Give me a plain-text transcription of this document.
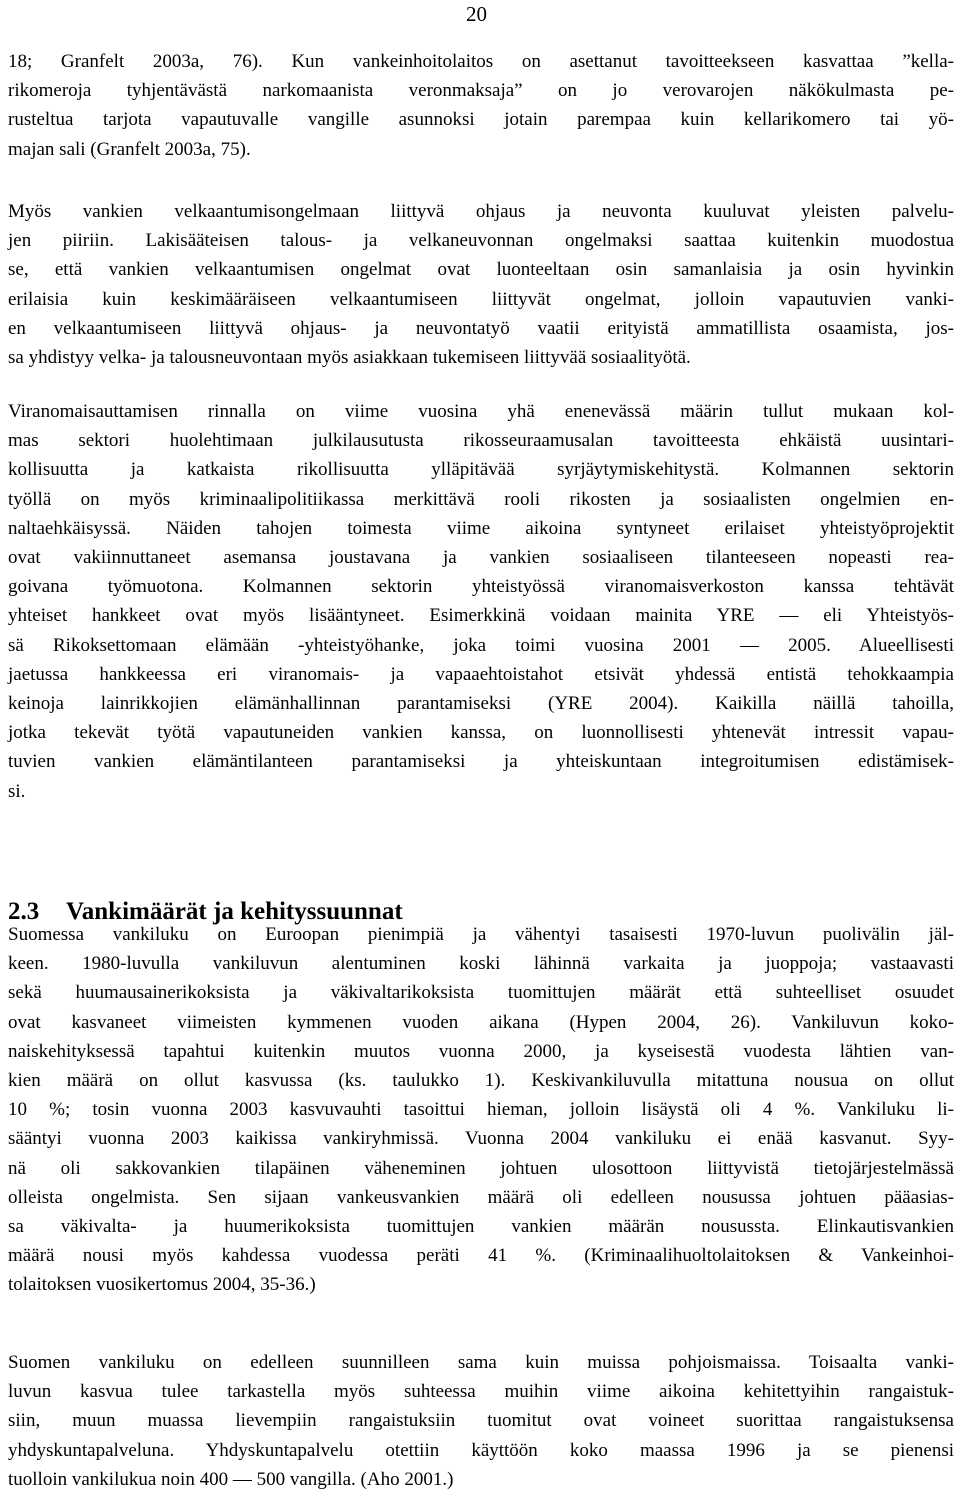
20

18; Granfelt 2003a, 76). Kun vankeinhoitolaitos on asettanut tavoitteekseen kasvattaa ”kella-
rikomeroja tyhjentävästä narkomaanista veronmaksaja” on jo verovarojen näkökulmasta pe-
rusteltua tarjota vapautuvalle vangille asunnoksi jotain parempaa kuin kellarikomero tai yö-
majan sali (Granfelt 2003a, 75).

Myös vankien velkaantumisongelmaan liittyvä ohjaus ja neuvonta kuuluvat yleisten palvelu-
jen piiriin. Lakisääteisen talous- ja velkaneuvonnan ongelmaksi saattaa kuitenkin muodostua
se, että vankien velkaantumisen ongelmat ovat luonteeltaan osin samanlaisia ja osin hyvinkin
erilaisia kuin keskimääräiseen velkaantumiseen liittyvät ongelmat, jolloin vapautuvien vanki-
en velkaantumiseen liittyvä ohjaus- ja neuvontatyö vaatii erityistä ammatillista osaamista, jos-
sa yhdistyy velka- ja talousneuvontaan myös asiakkaan tukemiseen liittyvää sosiaalityötä.

Viranomaisauttamisen rinnalla on viime vuosina yhä enenevässä määrin tullut mukaan kol-
mas sektori huolehtimaan julkilausutusta rikosseuraamusalan tavoitteesta ehkäistä uusintari-
kollisuutta ja katkaista rikollisuutta ylläpitävää syrjäytymiskehitystä. Kolmannen sektorin
työllä on myös kriminaalipolitiikassa merkittävä rooli rikosten ja sosiaalisten ongelmien en-
naltaehkäisyssä. Näiden tahojen toimesta viime aikoina syntyneet erilaiset yhteistyöprojektit
ovat vakiinnuttaneet asemansa joustavana ja vankien sosiaaliseen tilanteeseen nopeasti rea-
goivana työmuotona. Kolmannen sektorin yhteistyössä viranomaisverkoston kanssa tehtävät
yhteiset hankkeet ovat myös lisääntyneet. Esimerkkinä voidaan mainita YRE — eli Yhteistyös-
sä Rikoksettomaan elämään -yhteistyöhanke, joka toimi vuosina 2001 — 2005. Alueellisesti
jaetussa hankkeessa eri viranomais- ja vapaaehtoistahot etsivät yhdessä entistä tehokkaampia
keinoja lainrikkojien elämänhallinnan parantamiseksi (YRE 2004). Kaikilla näillä tahoilla,
jotka tekevät työtä vapautuneiden vankien kanssa, on luonnollisesti yhtenevät intressit vapau-
tuvien vankien elämäntilanteen parantamiseksi ja yhteiskuntaan integroitumisen edistämisek-
si.

2.3 Vankimäärät ja kehityssuunnat

Suomessa vankiluku on Euroopan pienimpiä ja vähentyi tasaisesti 1970-luvun puolivälin jäl-
keen. 1980-luvulla vankiluvun alentuminen koski lähinnä varkaita ja juoppoja; vastaavasti
sekä huumausainerikoksista ja väkivaltarikoksista tuomittujen määrät että suhteelliset osuudet
ovat kasvaneet viimeisten kymmenen vuoden aikana (Hypen 2004, 26). Vankiluvun koko-
naiskehityksessä tapahtui kuitenkin muutos vuonna 2000, ja kyseisestä vuodesta lähtien van-
kien määrä on ollut kasvussa (ks. taulukko 1). Keskivankiluvulla mitattuna nousua on ollut
10 %; tosin vuonna 2003 kasvuvauhti tasoittui hieman, jolloin lisäystä oli 4 %. Vankiluku li-
sääntyi vuonna 2003 kaikissa vankiryhmissä. Vuonna 2004 vankiluku ei enää kasvanut. Syy-
nä oli sakkovankien tilapäinen väheneminen johtuen ulosottoon liittyvistä tietojärjestelmässä
olleista ongelmista. Sen sijaan vankeusvankien määrä oli edelleen nousussa johtuen pääasias-
sa väkivalta- ja huumerikoksista tuomittujen vankien määrän nousussta. Elinkautisvankien
määrä nousi myös kahdessa vuodessa peräti 41 %. (Kriminaalihuoltolaitoksen & Vankeinhoi-
tolaitoksen vuosikertomus 2004, 35-36.)

Suomen vankiluku on edelleen suunnilleen sama kuin muissa pohjoismaissa. Toisaalta vanki-
luvun kasvua tulee tarkastella myös suhteessa muihin viime aikoina kehitettyihin rangaistuk-
siin, muun muassa lievempiin rangaistuksiin tuomitut ovat voineet suorittaa rangaistuksensa
yhdyskuntapalveluna. Yhdyskuntapalvelu otettiin käyttöön koko maassa 1996 ja se pienensi
tuolloin vankilukua noin 400 — 500 vangilla. (Aho 2001.)
